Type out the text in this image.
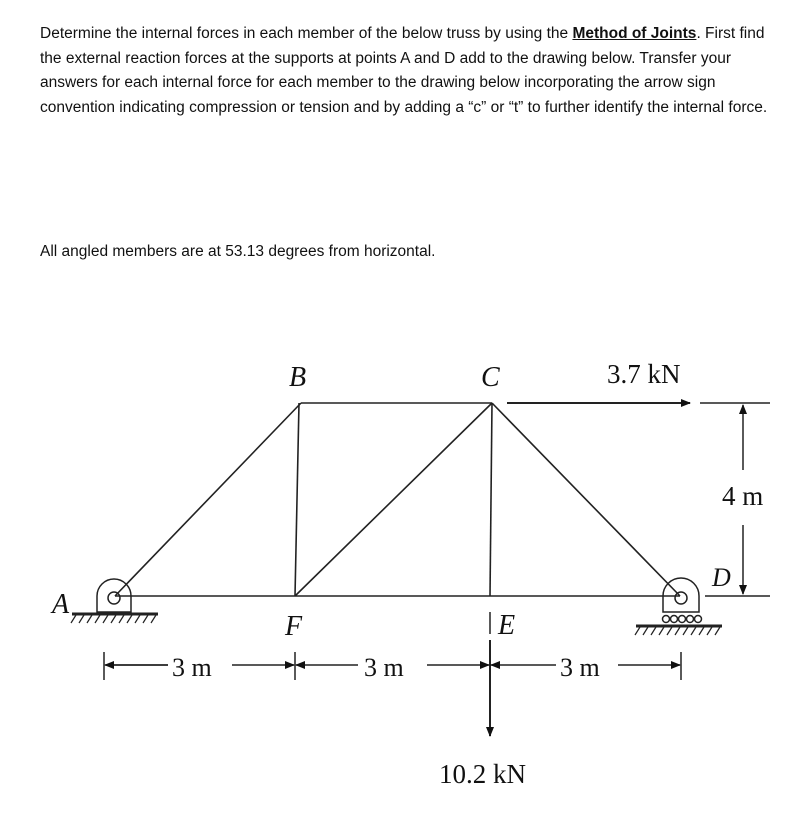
Determine the internal forces in each member of the below truss by using the Method of Joints. First find the external reaction forces at the supports at points A and D add to the drawing below. Transfer your answers for each internal force for each member to the drawing below incorporating the arrow sign convention indicating compression or tension and by adding a “c” or “t” to further identify the internal force.
All angled members are at 53.13 degrees from horizontal.
A
B	C
F	E
D
3.7 kN
10.2 kN
3 m	3 m	3 m
4 m
